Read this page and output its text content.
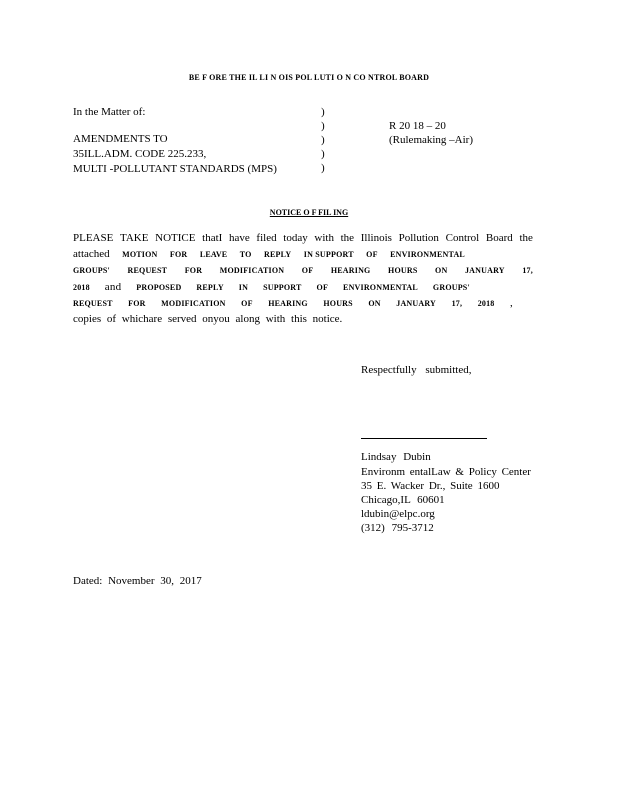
BE F ORE THE IL LI N OIS POL LUTI O N CO NTROL BOARD
In the Matter of:
AMENDMENTS TO
35ILL.ADM. CODE 225.233,
MULTI -POLLUTANT STANDARDS (MPS)
)
)
)
)
)
R 20 18 – 20
(Rulemaking –Air)
NOTICE O F FIL ING
PLEASE TAKE NOTICE thatI have filed today with the Illinois Pollution Control Board the
attached MOTION FOR LEAVE TO REPLY IN SUPPORT OF ENVIRONMENTAL
GROUPS' REQUEST FOR MODIFICATION OF HEARING HOURS ON JANUARY 17,
2018 and PROPOSED REPLY IN SUPPORT OF ENVIRONMENTAL GROUPS'
REQUEST FOR MODIFICATION OF HEARING HOURS ON JANUARY 17, 2018 ,
copies of whichare served onyou along with this notice.
Respectfully submitted,
Lindsay Dubin
Environm entalLaw & Policy Center
35 E. Wacker Dr., Suite 1600
Chicago,IL 60601
ldubin@elpc.org
(312) 795-3712
Dated: November 30, 2017
